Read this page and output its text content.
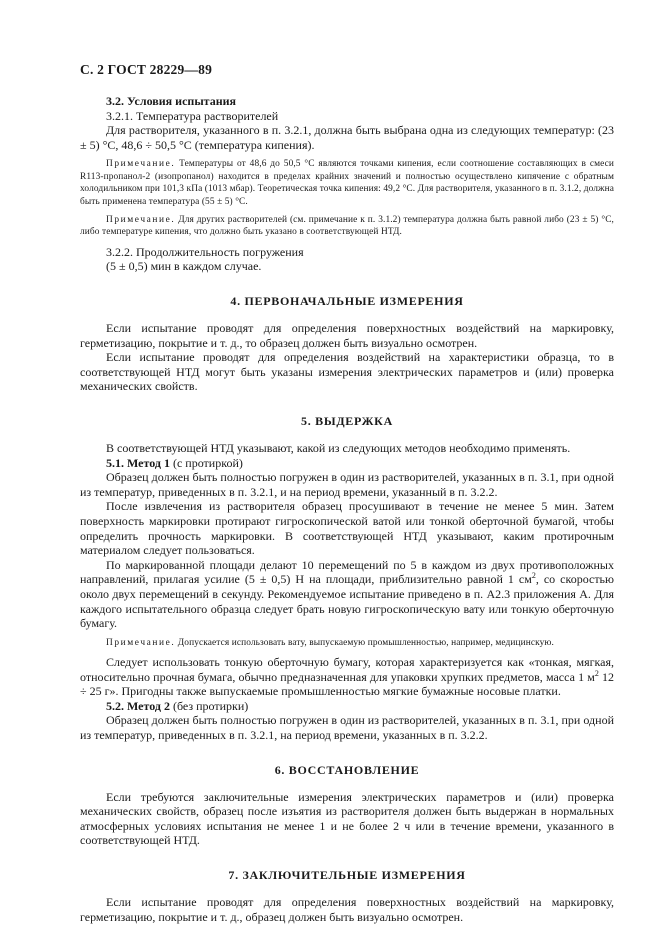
С. 2 ГОСТ 28229—89

3.2. Условия испытания

3.2.1. Температура растворителей

Для растворителя, указанного в п. 3.2.1, должна быть выбрана одна из следующих температур: (23 ± 5) °С, 48,6 ÷ 50,5 °С (температура кипения).

Примечание. Температуры от 48,6 до 50,5 °С являются точками кипения, если соотношение составляющих в смеси R113-пропанол-2 (изопропанол) находится в пределах крайних значений и полностью осуществлено кипячение с обратным холодильником при 101,3 кПа (1013 мбар). Теоретическая точка кипения: 49,2 °С. Для растворителя, указанного в п. 3.1.2, должна быть применена температура (55 ± 5) °С.

Примечание. Для других растворителей (см. примечание к п. 3.1.2) температура должна быть равной либо (23 ± 5) °С, либо температуре кипения, что должно быть указано в соответствующей НТД.

3.2.2. Продолжительность погружения

(5 ± 0,5) мин в каждом случае.

4. ПЕРВОНАЧАЛЬНЫЕ ИЗМЕРЕНИЯ

Если испытание проводят для определения поверхностных воздействий на маркировку, герметизацию, покрытие и т. д., то образец должен быть визуально осмотрен.

Если испытание проводят для определения воздействий на характеристики образца, то в соответствующей НТД могут быть указаны измерения электрических параметров и (или) проверка механических свойств.

5. ВЫДЕРЖКА

В соответствующей НТД указывают, какой из следующих методов необходимо применять.

5.1. Метод 1 (с протиркой)

Образец должен быть полностью погружен в один из растворителей, указанных в п. 3.1, при одной из температур, приведенных в п. 3.2.1, и на период времени, указанный в п. 3.2.2.

После извлечения из растворителя образец просушивают в течение не менее 5 мин. Затем поверхность маркировки протирают гигроскопической ватой или тонкой оберточной бумагой, чтобы определить прочность маркировки. В соответствующей НТД указывают, каким протирочным материалом следует пользоваться.

По маркированной площади делают 10 перемещений по 5 в каждом из двух противоположных направлений, прилагая усилие (5 ± 0,5) Н на площади, приблизительно равной 1 $см^2$, со скоростью около двух перемещений в секунду. Рекомендуемое испытание приведено в п. А2.3 приложения А. Для каждого испытательного образца следует брать новую гигроскопическую вату или тонкую оберточную бумагу.

Примечание. Допускается использовать вату, выпускаемую промышленностью, например, медицинскую.

Следует использовать тонкую оберточную бумагу, которая характеризуется как «тонкая, мягкая, относительно прочная бумага, обычно предназначенная для упаковки хрупких предметов, масса 1 $м^2$ 12 ÷ 25 г». Пригодны также выпускаемые промышленностью мягкие бумажные носовые платки.

5.2. Метод 2 (без протирки)

Образец должен быть полностью погружен в один из растворителей, указанных в п. 3.1, при одной из температур, приведенных в п. 3.2.1, на период времени, указанных в п. 3.2.2.

6. ВОССТАНОВЛЕНИЕ

Если требуются заключительные измерения электрических параметров и (или) проверка механических свойств, образец после изъятия из растворителя должен быть выдержан в нормальных атмосферных условиях испытания не менее 1 и не более 2 ч или в течение времени, указанного в соответствующей НТД.

7. ЗАКЛЮЧИТЕЛЬНЫЕ ИЗМЕРЕНИЯ

Если испытание проводят для определения поверхностных воздействий на маркировку, герметизацию, покрытие и т. д., образец должен быть визуально осмотрен.
